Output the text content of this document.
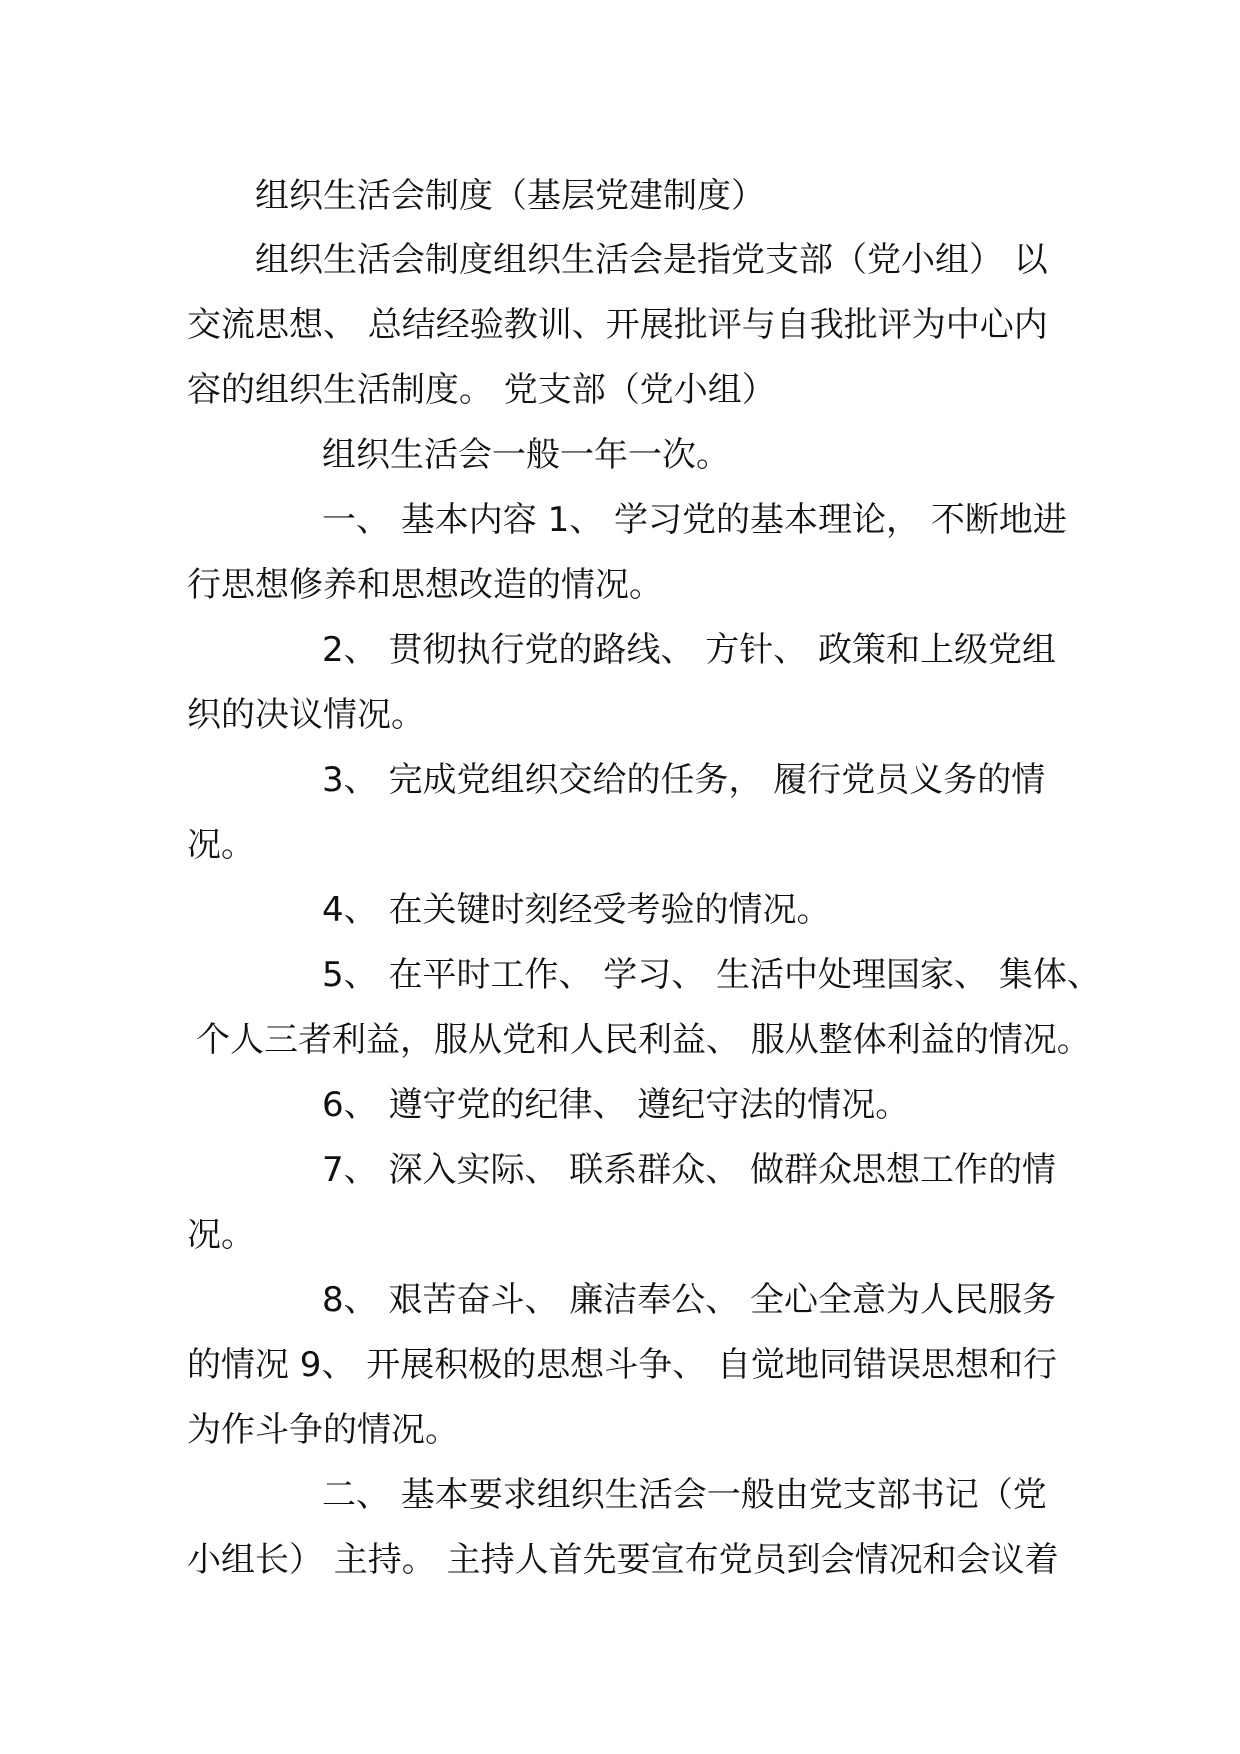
组织生活会制度（基层党建制度）
组织生活会制度组织生活会是指党支部（党小组） 以
交流思想、 总结经验教训、开展批评与自我批评为中心内
容的组织生活制度。 党支部（党小组）
组织生活会一般一年一次。
一、 基本内容 1、 学习党的基本理论， 不断地进
行思想修养和思想改造的情况。
2、 贯彻执行党的路线、 方针、 政策和上级党组
织的决议情况。
3、 完成党组织交给的任务， 履行党员义务的情
况。
4、 在关键时刻经受考验的情况。
5、 在平时工作、 学习、 生活中处理国家、 集体、
个人三者利益，服从党和人民利益、 服从整体利益的情况。
6、 遵守党的纪律、 遵纪守法的情况。
7、 深入实际、 联系群众、 做群众思想工作的情
况。
8、 艰苦奋斗、 廉洁奉公、 全心全意为人民服务
的情况 9、 开展积极的思想斗争、 自觉地同错误思想和行
为作斗争的情况。
二、 基本要求组织生活会一般由党支部书记（党
小组长） 主持。 主持人首先要宣布党员到会情况和会议着
